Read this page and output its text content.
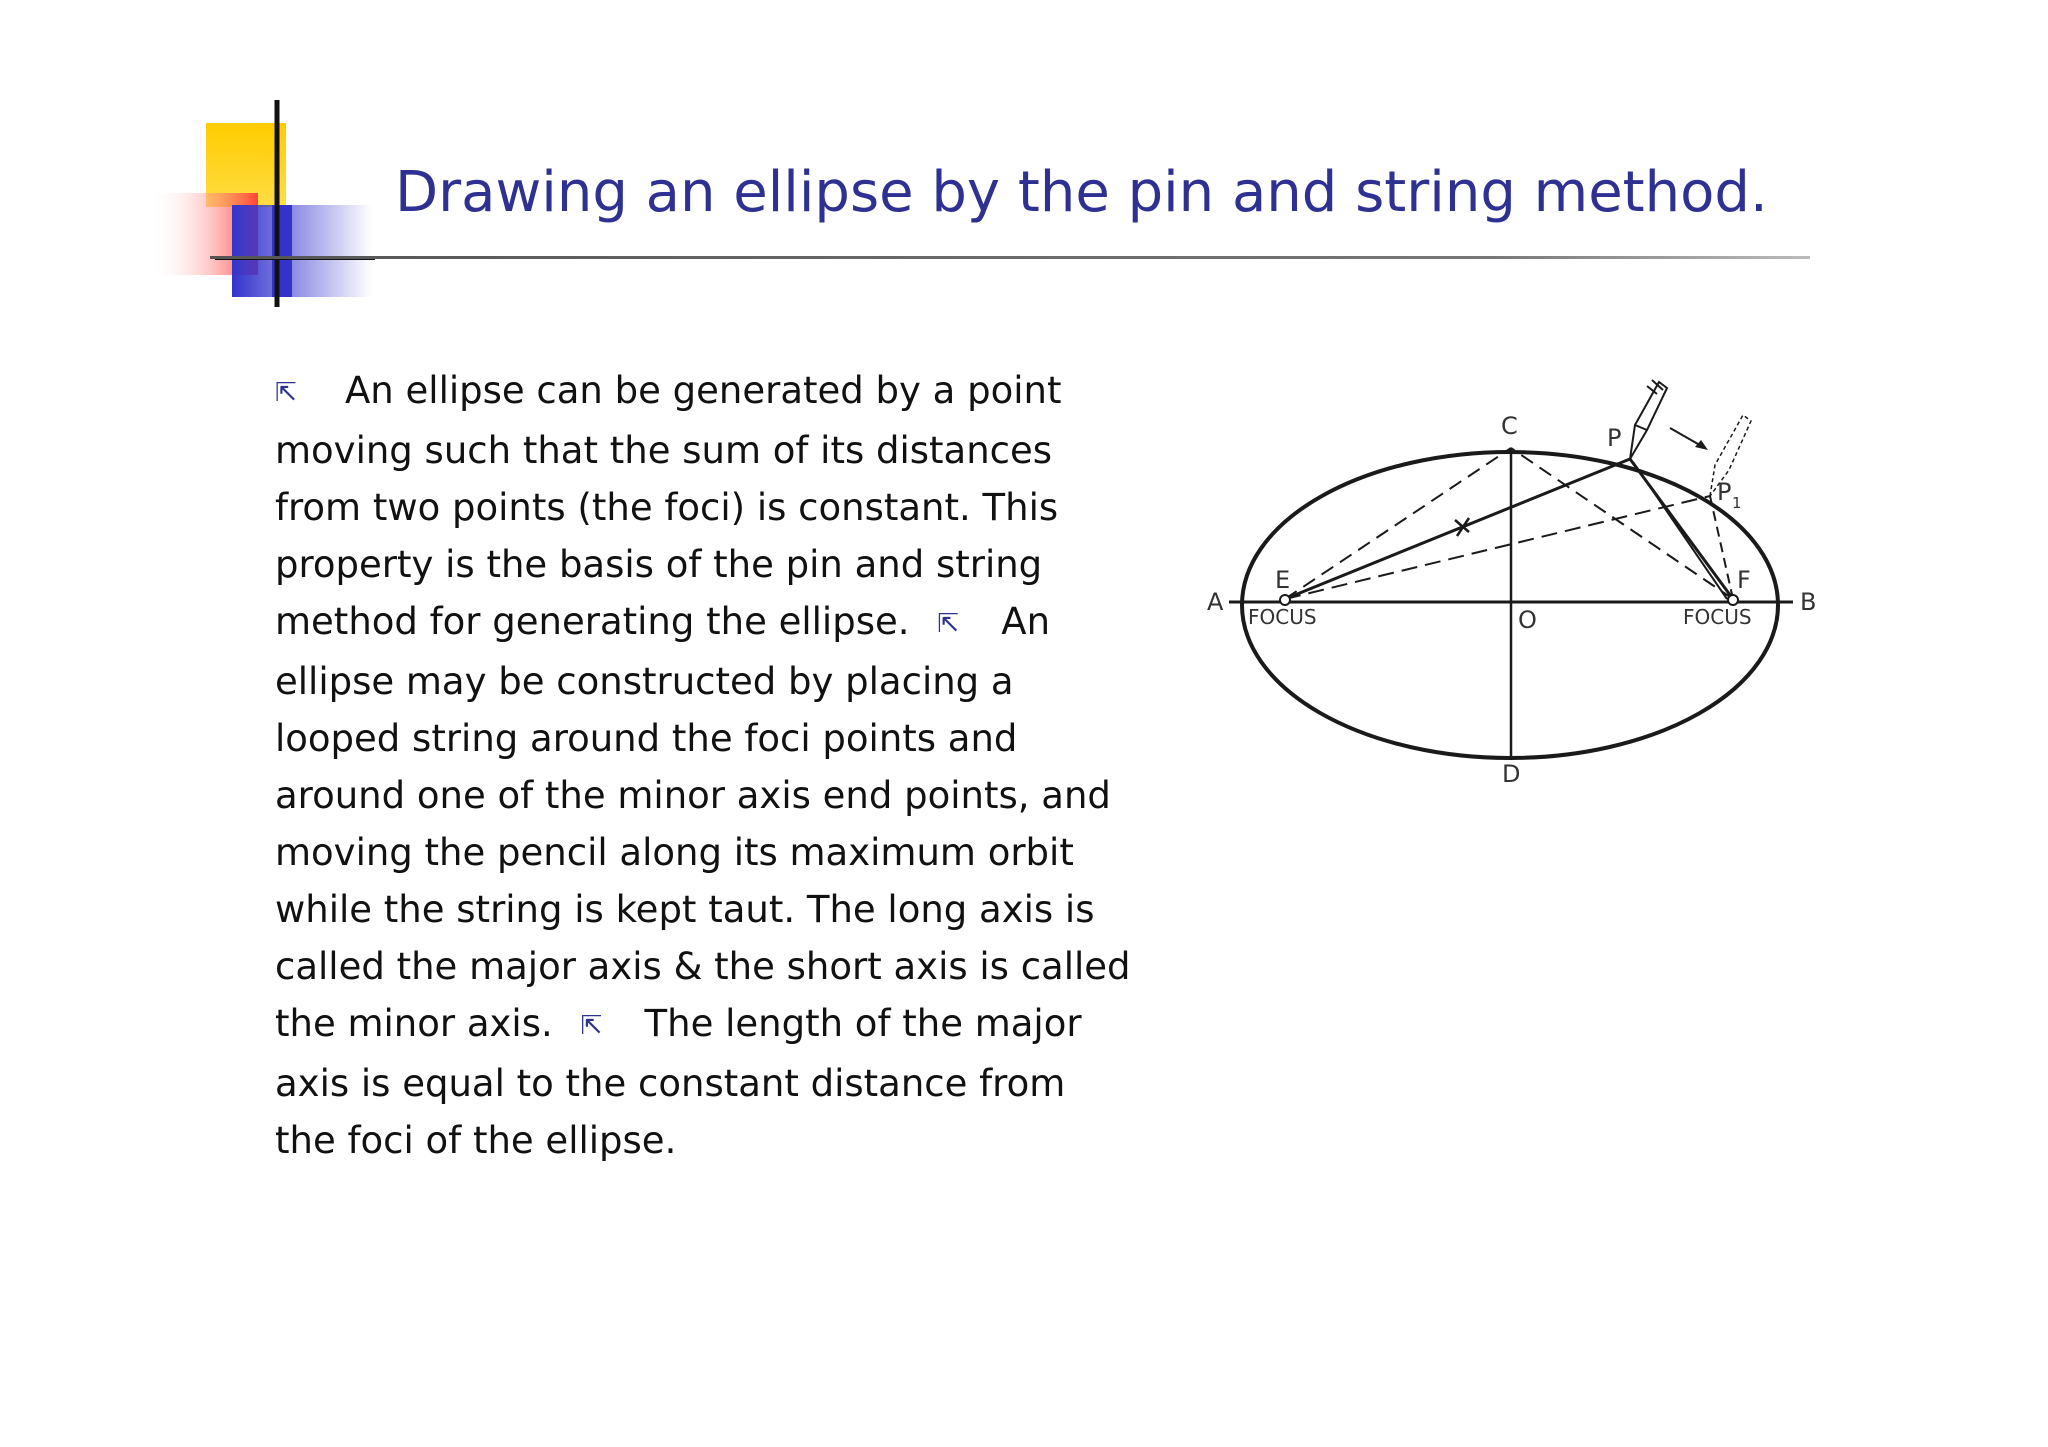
Drawing an ellipse by the pin and string method.

⇱ An ellipse can be generated by a point moving such that the sum of its distances from two points (the foci) is constant. This property is the basis of the pin and string method for generating the ellipse. ⇱ An ellipse may be constructed by placing a looped string around the foci points and around one of the minor axis end points, and moving the pencil along its maximum orbit while the string is kept taut. The long axis is called the major axis & the short axis is called the minor axis. ⇱ The length of the major axis is equal to the constant distance from the foci of the ellipse.

A	B
C
D
E	F
O
P
P 1
FOCUS	FOCUS
